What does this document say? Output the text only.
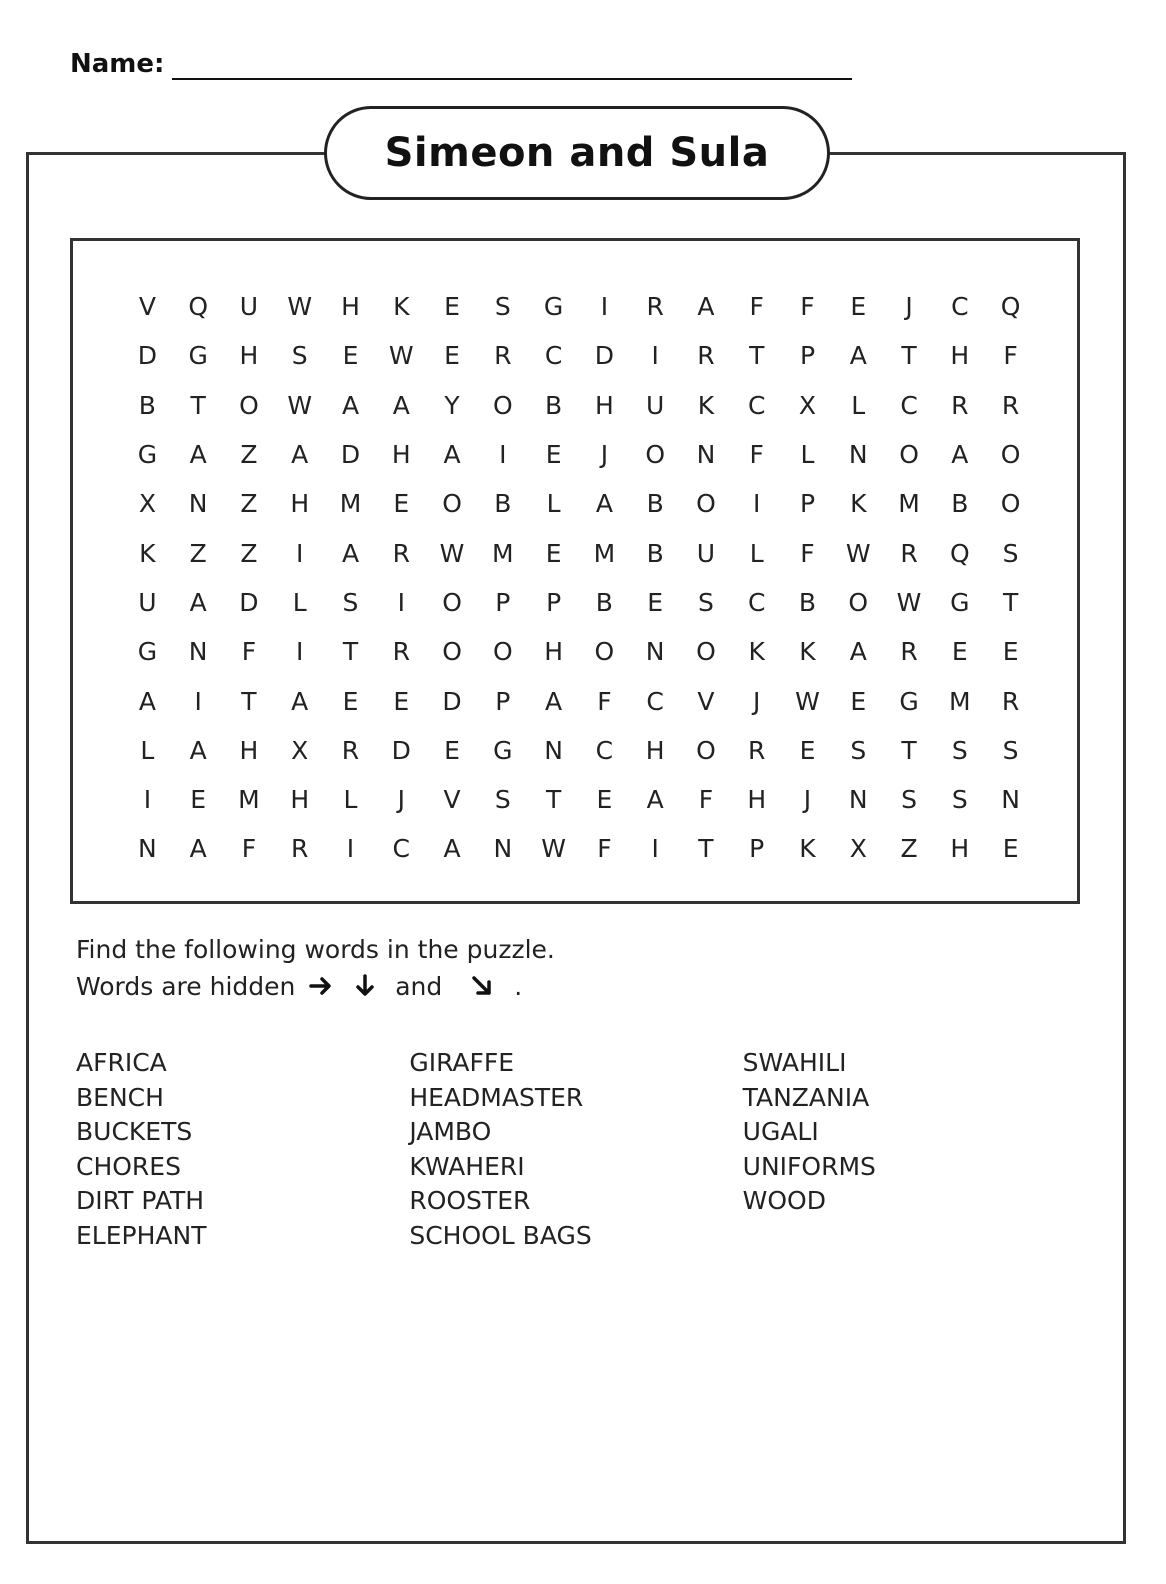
Name:
Simeon and Sula
V	Q	U	W	H	K	E	S	G	I	R	A	F	F	E	J	C	Q
D	G	H	S	E	W	E	R	C	D	I	R	T	P	A	T	H	F
B	T	O	W	A	A	Y	O	B	H	U	K	C	X	L	C	R	R
G	A	Z	A	D	H	A	I	E	J	O	N	F	L	N	O	A	O
X	N	Z	H	M	E	O	B	L	A	B	O	I	P	K	M	B	O
K	Z	Z	I	A	R	W	M	E	M	B	U	L	F	W	R	Q	S
U	A	D	L	S	I	O	P	P	B	E	S	C	B	O	W	G	T
G	N	F	I	T	R	O	O	H	O	N	O	K	K	A	R	E	E
A	I	T	A	E	E	D	P	A	F	C	V	J	W	E	G	M	R
L	A	H	X	R	D	E	G	N	C	H	O	R	E	S	T	S	S
I	E	M	H	L	J	V	S	T	E	A	F	H	J	N	S	S	N
N	A	F	R	I	C	A	N	W	F	I	T	P	K	X	Z	H	E
Find the following words in the puzzle.
Words are hidden	and	.
AFRICA
BENCH
BUCKETS
CHORES
DIRT PATH
ELEPHANT
GIRAFFE
HEADMASTER
JAMBO
KWAHERI
ROOSTER
SCHOOL BAGS
SWAHILI
TANZANIA
UGALI
UNIFORMS
WOOD
